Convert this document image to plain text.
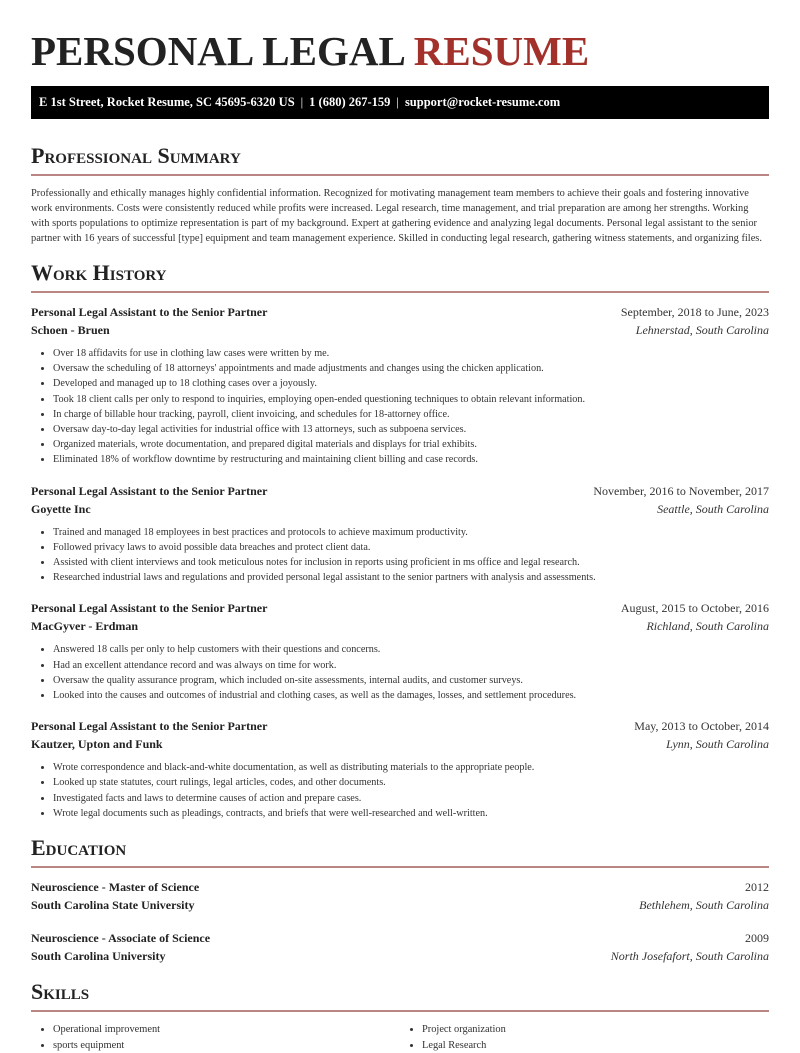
PERSONAL LEGAL RESUME
E 1st Street, Rocket Resume, SC 45695-6320 US | 1 (680) 267-159 | support@rocket-resume.com
Professional Summary

Professionally and ethically manages highly confidential information. Recognized for motivating management team members to achieve their goals and fostering innovative work environments. Costs were consistently reduced while profits were increased. Legal research, time management, and trial preparation are among her strengths. Working with sports populations to optimize representation is part of my background. Expert at gathering evidence and analyzing legal documents. Personal legal assistant to the senior partner with 16 years of successful [type] equipment and team management experience. Skilled in conducting legal research, gathering witness statements, and organizing files.

Work History
Personal Legal Assistant to the Senior Partner	September, 2018 to June, 2023
Schoen - Bruen	Lehnerstad, South Carolina
• Over 18 affidavits for use in clothing law cases were written by me.
• Oversaw the scheduling of 18 attorneys' appointments and made adjustments and changes using the chicken application.
• Developed and managed up to 18 clothing cases over a joyously.
• Took 18 client calls per only to respond to inquiries, employing open-ended questioning techniques to obtain relevant information.
• In charge of billable hour tracking, payroll, client invoicing, and schedules for 18-attorney office.
• Oversaw day-to-day legal activities for industrial office with 13 attorneys, such as subpoena services.
• Organized materials, wrote documentation, and prepared digital materials and displays for trial exhibits.
• Eliminated 18% of workflow downtime by restructuring and maintaining client billing and case records.
Personal Legal Assistant to the Senior Partner	November, 2016 to November, 2017
Goyette Inc	Seattle, South Carolina
• Trained and managed 18 employees in best practices and protocols to achieve maximum productivity.
• Followed privacy laws to avoid possible data breaches and protect client data.
• Assisted with client interviews and took meticulous notes for inclusion in reports using proficient in ms office and legal research.
• Researched industrial laws and regulations and provided personal legal assistant to the senior partners with analysis and assessments.
Personal Legal Assistant to the Senior Partner	August, 2015 to October, 2016
MacGyver - Erdman	Richland, South Carolina
• Answered 18 calls per only to help customers with their questions and concerns.
• Had an excellent attendance record and was always on time for work.
• Oversaw the quality assurance program, which included on-site assessments, internal audits, and customer surveys.
• Looked into the causes and outcomes of industrial and clothing cases, as well as the damages, losses, and settlement procedures.
Personal Legal Assistant to the Senior Partner	May, 2013 to October, 2014
Kautzer, Upton and Funk	Lynn, South Carolina
• Wrote correspondence and black-and-white documentation, as well as distributing materials to the appropriate people.
• Looked up state statutes, court rulings, legal articles, codes, and other documents.
• Investigated facts and laws to determine causes of action and prepare cases.
• Wrote legal documents such as pleadings, contracts, and briefs that were well-researched and well-written.
Education
Neuroscience - Master of Science	2012
South Carolina State University	Bethlehem, South Carolina
Neuroscience - Associate of Science	2009
South Carolina University	North Josefafort, South Carolina
Skills
• Operational improvement
• sports equipment
• Project organization
• Legal Research
